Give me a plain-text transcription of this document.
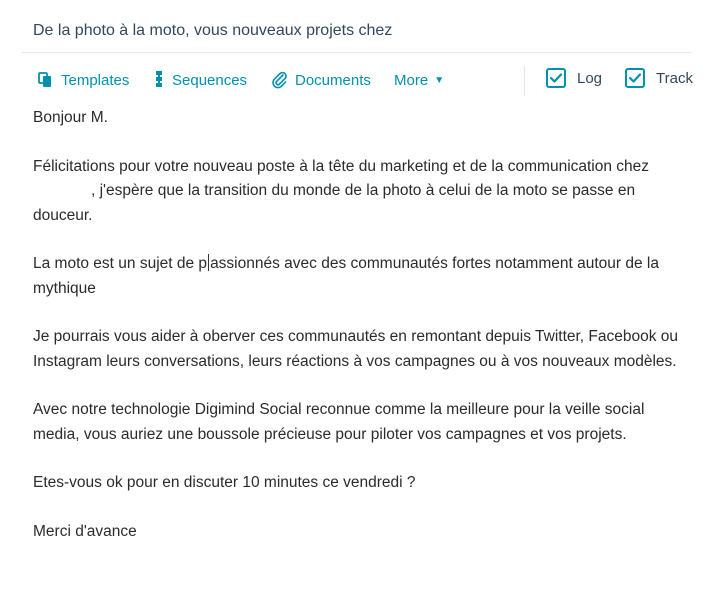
De la photo à la moto, vous nouveaux projets chez
Templates	Sequences	Documents More ▼	Log	Track

Bonjour M.

Félicitations pour votre nouveau poste à la tête du marketing et de la communication chez, j'espère que la transition du monde de la photo à celui de la moto se passe en douceur.

La moto est un sujet de p assionnés avec des communautés fortes notamment autour de la mythique

Je pourrais vous aider à oberver ces communautés en remontant depuis Twitter, Facebook ou Instagram leurs conversations, leurs réactions à vos campagnes ou à vos nouveaux modèles.

Avec notre technologie Digimind Social reconnue comme la meilleure pour la veille social media, vous auriez une boussole précieuse pour piloter vos campagnes et vos projets.

Etes-vous ok pour en discuter 10 minutes ce vendredi ?

Merci d'avance
